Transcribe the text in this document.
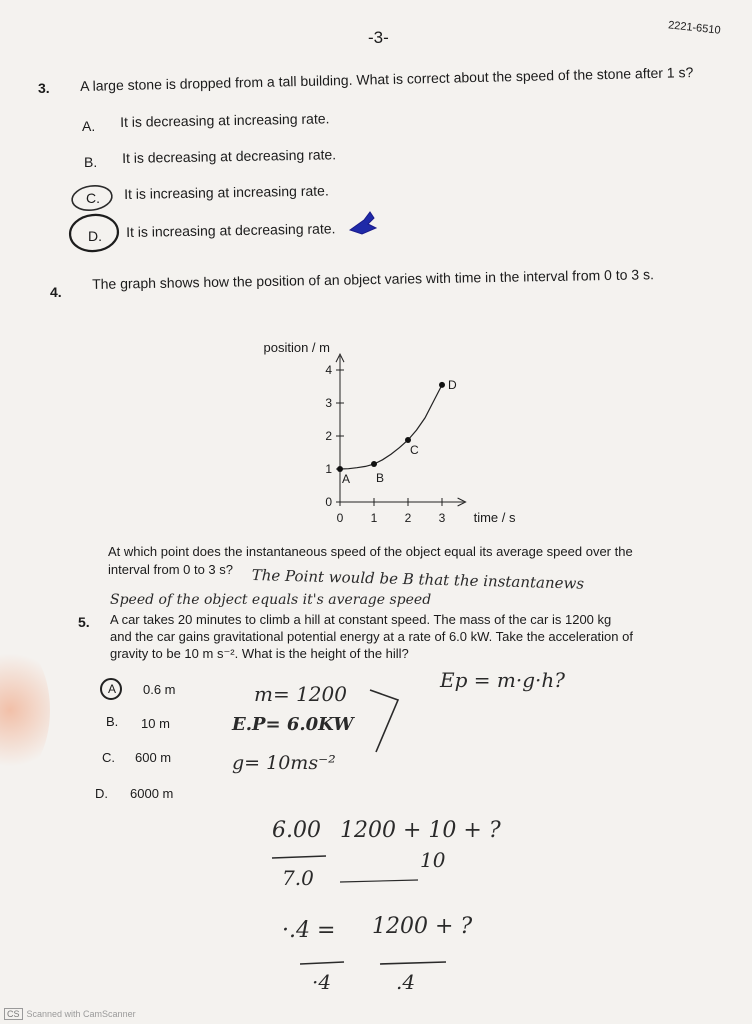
-3-	2221-6510
3. A large stone is dropped from a tall building. What is correct about the speed of the stone after 1 s?
A. It is decreasing at increasing rate.
B. It is decreasing at decreasing rate.
C. It is increasing at increasing rate.
D. It is increasing at decreasing rate.
4.
The graph shows how the position of an object varies with time in the interval from 0 to 3 s.
0
1
2
3
4
0 1 2 3
position / m
time / s
A B
C
D
At which point does the instantaneous speed of the object equal its average speed over the
interval from 0 to 3 s? The Point would be B that the instantanews
Speed of the object equals it's average speed
5. A car takes 20 minutes to climb a hill at constant speed. The mass of the car is 1200 kg
and the car gains gravitational potential energy at a rate of 6.0 kW. Take the acceleration of
gravity to be 10 m s⁻². What is the height of the hill?
A 0.6 m
B. 10 m
C. 600 m
D. 6000 m
m= 1200
E.P= 6.0KW
g= 10ms⁻²
Ep = m·g·h?
6.00 1200 + 10 + ?
7.0
10
·.4 = 1200 + ?
·4	.4
CS Scanned with CamScanner
